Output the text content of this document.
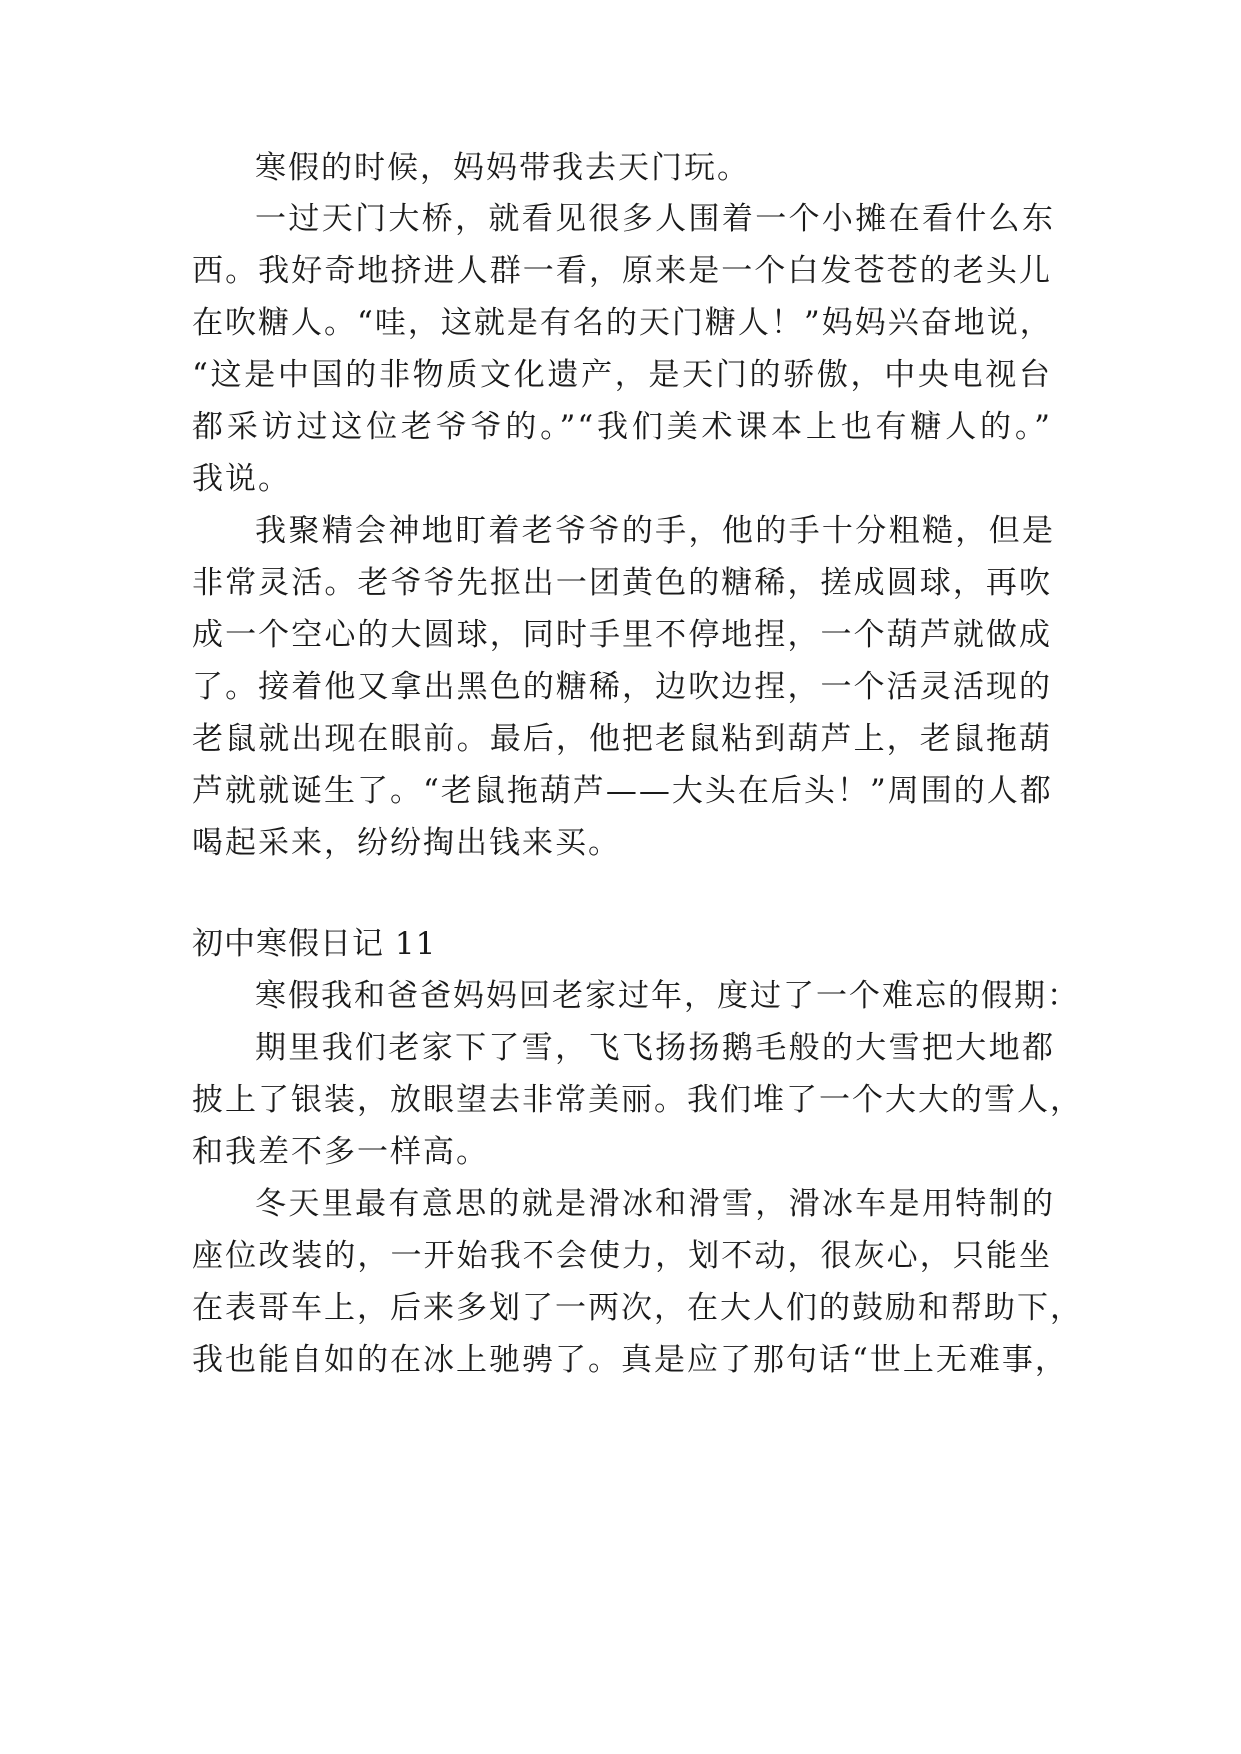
寒假的时候，妈妈带我去天门玩。
一过天门大桥，就看见很多人围着一个小摊在看什么东
西。我好奇地挤进人群一看，原来是一个白发苍苍的老头儿
在吹糖人。“哇，这就是有名的天门糖人！”妈妈兴奋地说，
“这是中国的非物质文化遗产，是天门的骄傲，中央电视台
都采访过这位老爷爷的。”“我们美术课本上也有糖人的。”
我说。
我聚精会神地盯着老爷爷的手，他的手十分粗糙，但是
非常灵活。老爷爷先抠出一团黄色的糖稀，搓成圆球，再吹
成一个空心的大圆球，同时手里不停地捏，一个葫芦就做成
了。接着他又拿出黑色的糖稀，边吹边捏，一个活灵活现的
老鼠就出现在眼前。最后，他把老鼠粘到葫芦上，老鼠拖葫
芦就就诞生了。“老鼠拖葫芦——大头在后头！”周围的人都
喝起采来，纷纷掏出钱来买。
初中寒假日记 11
寒假我和爸爸妈妈回老家过年，度过了一个难忘的假期：
期里我们老家下了雪，飞飞扬扬鹅毛般的大雪把大地都
披上了银装，放眼望去非常美丽。我们堆了一个大大的雪人，
和我差不多一样高。
冬天里最有意思的就是滑冰和滑雪，滑冰车是用特制的
座位改装的，一开始我不会使力，划不动，很灰心，只能坐
在表哥车上，后来多划了一两次，在大人们的鼓励和帮助下，
我也能自如的在冰上驰骋了。真是应了那句话“世上无难事，
